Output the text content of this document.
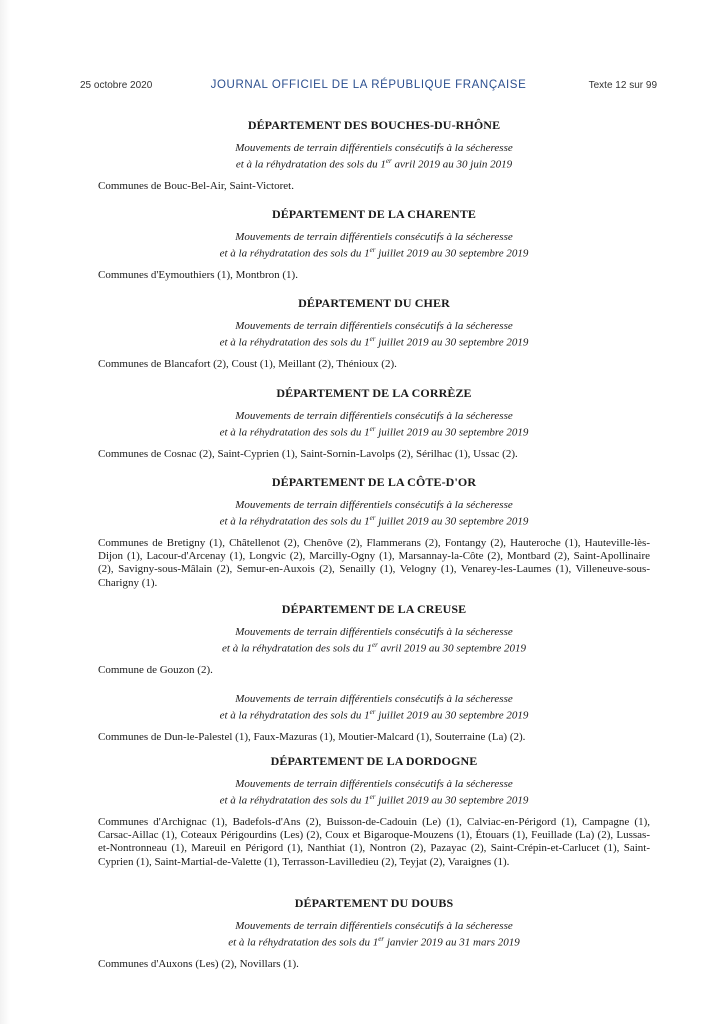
25 octobre 2020	JOURNAL OFFICIEL DE LA RÉPUBLIQUE FRANÇAISE	Texte 12 sur 99

DÉPARTEMENT DES BOUCHES-DU-RHÔNE

Mouvements de terrain différentiels consécutifs à la sécheresse

et à la réhydratation des sols du 1er avril 2019 au 30 juin 2019

Communes de Bouc-Bel-Air, Saint-Victoret.

DÉPARTEMENT DE LA CHARENTE

Mouvements de terrain différentiels consécutifs à la sécheresse

et à la réhydratation des sols du 1er juillet 2019 au 30 septembre 2019

Communes d'Eymouthiers (1), Montbron (1).

DÉPARTEMENT DU CHER

Mouvements de terrain différentiels consécutifs à la sécheresse

et à la réhydratation des sols du 1er juillet 2019 au 30 septembre 2019

Communes de Blancafort (2), Coust (1), Meillant (2), Thénioux (2).

DÉPARTEMENT DE LA CORRÈZE

Mouvements de terrain différentiels consécutifs à la sécheresse

et à la réhydratation des sols du 1er juillet 2019 au 30 septembre 2019

Communes de Cosnac (2), Saint-Cyprien (1), Saint-Sornin-Lavolps (2), Sérilhac (1), Ussac (2).

DÉPARTEMENT DE LA CÔTE-D'OR

Mouvements de terrain différentiels consécutifs à la sécheresse

et à la réhydratation des sols du 1er juillet 2019 au 30 septembre 2019

Communes de Bretigny (1), Châtellenot (2), Chenôve (2), Flammerans (2), Fontangy (2), Hauteroche (1), Hauteville-lès-Dijon (1), Lacour-d'Arcenay (1), Longvic (2), Marcilly-Ogny (1), Marsannay-la-Côte (2), Montbard (2), Saint-Apollinaire (2), Savigny-sous-Mâlain (2), Semur-en-Auxois (2), Senailly (1), Velogny (1), Venarey-les-Laumes (1), Villeneuve-sous-Charigny (1).

DÉPARTEMENT DE LA CREUSE

Mouvements de terrain différentiels consécutifs à la sécheresse

et à la réhydratation des sols du 1er avril 2019 au 30 septembre 2019

Commune de Gouzon (2).

Mouvements de terrain différentiels consécutifs à la sécheresse

et à la réhydratation des sols du 1er juillet 2019 au 30 septembre 2019

Communes de Dun-le-Palestel (1), Faux-Mazuras (1), Moutier-Malcard (1), Souterraine (La) (2).

DÉPARTEMENT DE LA DORDOGNE

Mouvements de terrain différentiels consécutifs à la sécheresse

et à la réhydratation des sols du 1er juillet 2019 au 30 septembre 2019

Communes d'Archignac (1), Badefols-d'Ans (2), Buisson-de-Cadouin (Le) (1), Calviac-en-Périgord (1), Campagne (1), Carsac-Aillac (1), Coteaux Périgourdins (Les) (2), Coux et Bigaroque-Mouzens (1), Étouars (1), Feuillade (La) (2), Lussas-et-Nontronneau (1), Mareuil en Périgord (1), Nanthiat (1), Nontron (2), Pazayac (2), Saint-Crépin-et-Carlucet (1), Saint-Cyprien (1), Saint-Martial-de-Valette (1), Terrasson-Lavilledieu (2), Teyjat (2), Varaignes (1).

DÉPARTEMENT DU DOUBS

Mouvements de terrain différentiels consécutifs à la sécheresse

et à la réhydratation des sols du 1er janvier 2019 au 31 mars 2019

Communes d'Auxons (Les) (2), Novillars (1).
